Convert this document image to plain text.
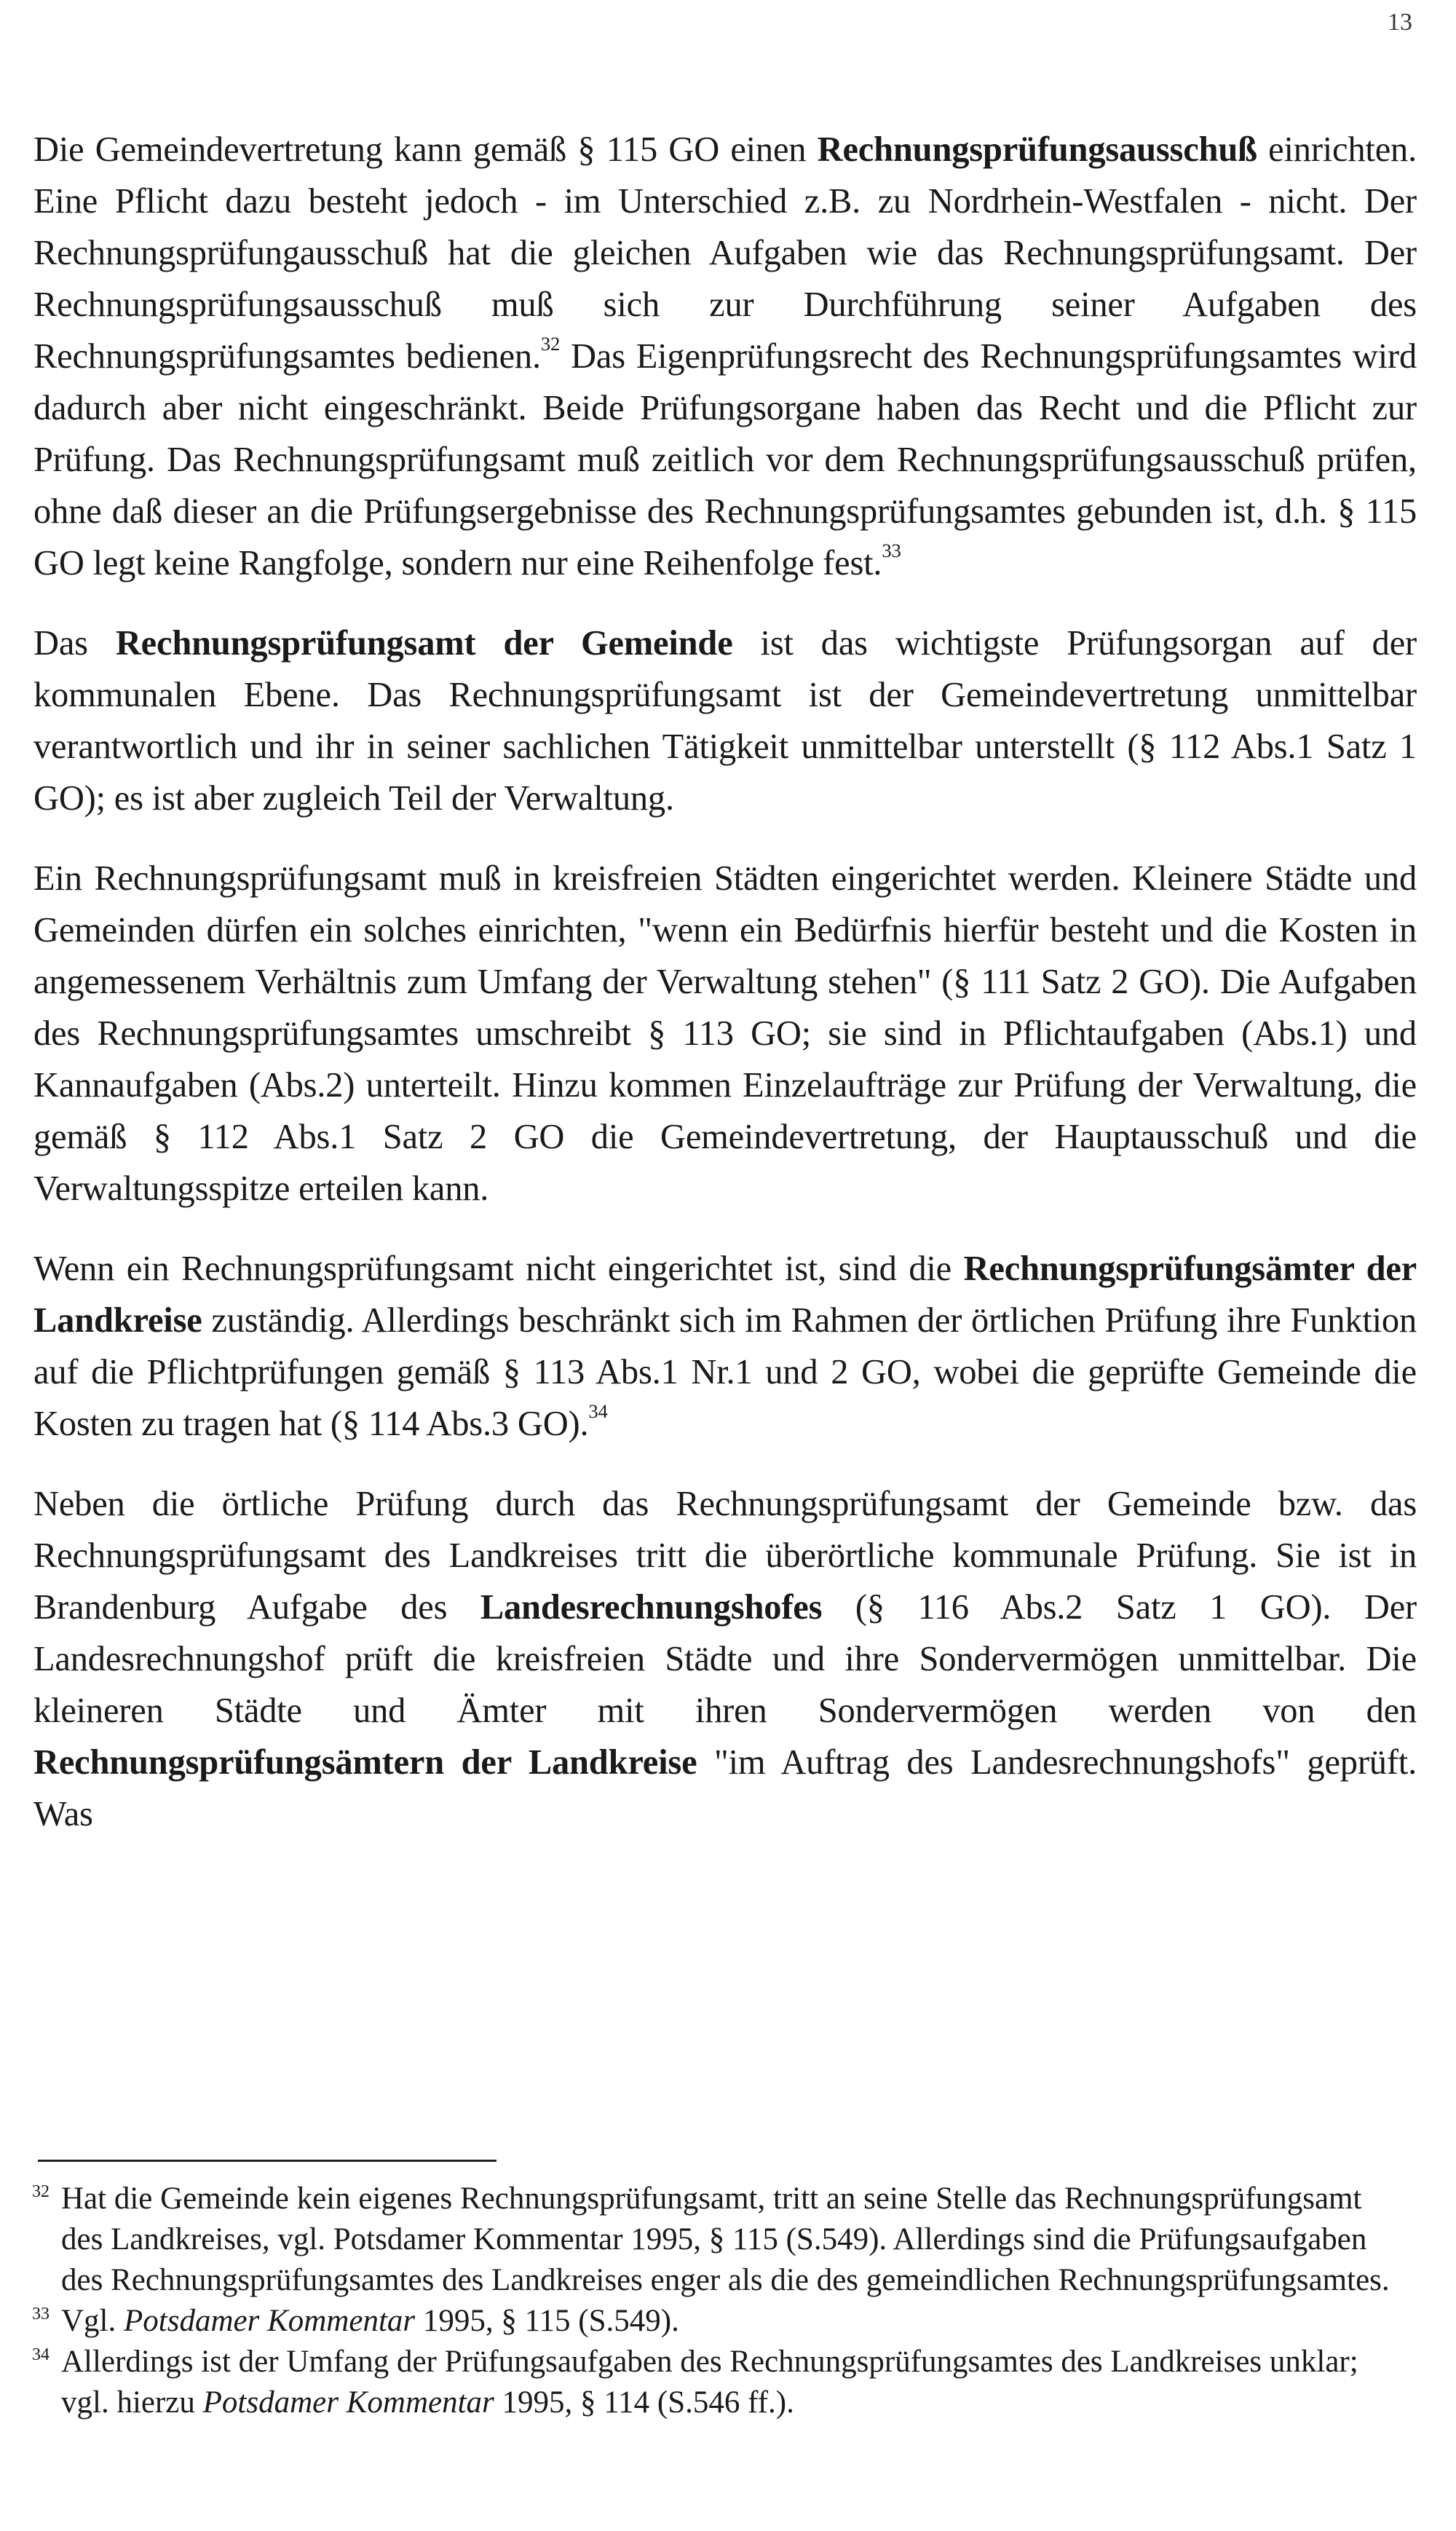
13

Die Gemeindevertretung kann gemäß § 115 GO einen Rechnungsprüfungsausschuß einrichten. Eine Pflicht dazu besteht jedoch - im Unterschied z.B. zu Nordrhein-Westfalen - nicht. Der Rechnungsprüfungausschuß hat die gleichen Aufgaben wie das Rechnungsprüfungsamt. Der Rechnungsprüfungsausschuß muß sich zur Durchführung seiner Aufgaben des Rechnungsprüfungsamtes bedienen.$^{32}$ Das Eigenprüfungsrecht des Rechnungsprüfungsamtes wird dadurch aber nicht eingeschränkt. Beide Prüfungsorgane haben das Recht und die Pflicht zur Prüfung. Das Rechnungsprüfungsamt muß zeitlich vor dem Rechnungsprüfungsausschuß prüfen, ohne daß dieser an die Prüfungsergebnisse des Rechnungsprüfungsamtes gebunden ist, d.h. § 115 GO legt keine Rangfolge, sondern nur eine Reihenfolge fest.$^{33}$

Das Rechnungsprüfungsamt der Gemeinde ist das wichtigste Prüfungsorgan auf der kommunalen Ebene. Das Rechnungsprüfungsamt ist der Gemeindevertretung unmittelbar verantwortlich und ihr in seiner sachlichen Tätigkeit unmittelbar unterstellt (§ 112 Abs.1 Satz 1 GO); es ist aber zugleich Teil der Verwaltung.

Ein Rechnungsprüfungsamt muß in kreisfreien Städten eingerichtet werden. Kleinere Städte und Gemeinden dürfen ein solches einrichten, "wenn ein Bedürfnis hierfür besteht und die Kosten in angemessenem Verhältnis zum Umfang der Verwaltung stehen" (§ 111 Satz 2 GO). Die Aufgaben des Rechnungsprüfungsamtes umschreibt § 113 GO; sie sind in Pflichtaufgaben (Abs.1) und Kannaufgaben (Abs.2) unterteilt. Hinzu kommen Einzelaufträge zur Prüfung der Verwaltung, die gemäß § 112 Abs.1 Satz 2 GO die Gemeindevertretung, der Hauptausschuß und die Verwaltungsspitze erteilen kann.

Wenn ein Rechnungsprüfungsamt nicht eingerichtet ist, sind die Rechnungsprüfungsämter der Landkreise zuständig. Allerdings beschränkt sich im Rahmen der örtlichen Prüfung ihre Funktion auf die Pflichtprüfungen gemäß § 113 Abs.1 Nr.1 und 2 GO, wobei die geprüfte Gemeinde die Kosten zu tragen hat (§ 114 Abs.3 GO).$^{34}$

Neben die örtliche Prüfung durch das Rechnungsprüfungsamt der Gemeinde bzw. das Rechnungsprüfungsamt des Landkreises tritt die überörtliche kommunale Prüfung. Sie ist in Brandenburg Aufgabe des Landesrechnungshofes (§ 116 Abs.2 Satz 1 GO). Der Landesrechnungshof prüft die kreisfreien Städte und ihre Sondervermögen unmittelbar. Die kleineren Städte und Ämter mit ihren Sondervermögen werden von den Rechnungsprüfungsämtern der Landkreise "im Auftrag des Landesrechnungshofs" geprüft. Was

32 Hat die Gemeinde kein eigenes Rechnungsprüfungsamt, tritt an seine Stelle das Rechnungsprüfungsamt des Landkreises, vgl. Potsdamer Kommentar 1995, § 115 (S.549). Allerdings sind die Prüfungsaufgaben des Rechnungsprüfungsamtes des Landkreises enger als die des gemeindlichen Rechnungsprüfungsamtes.
33 Vgl. Potsdamer Kommentar 1995, § 115 (S.549).
34 Allerdings ist der Umfang der Prüfungsaufgaben des Rechnungsprüfungsamtes des Landkreises unklar; vgl. hierzu Potsdamer Kommentar 1995, § 114 (S.546 ff.).
